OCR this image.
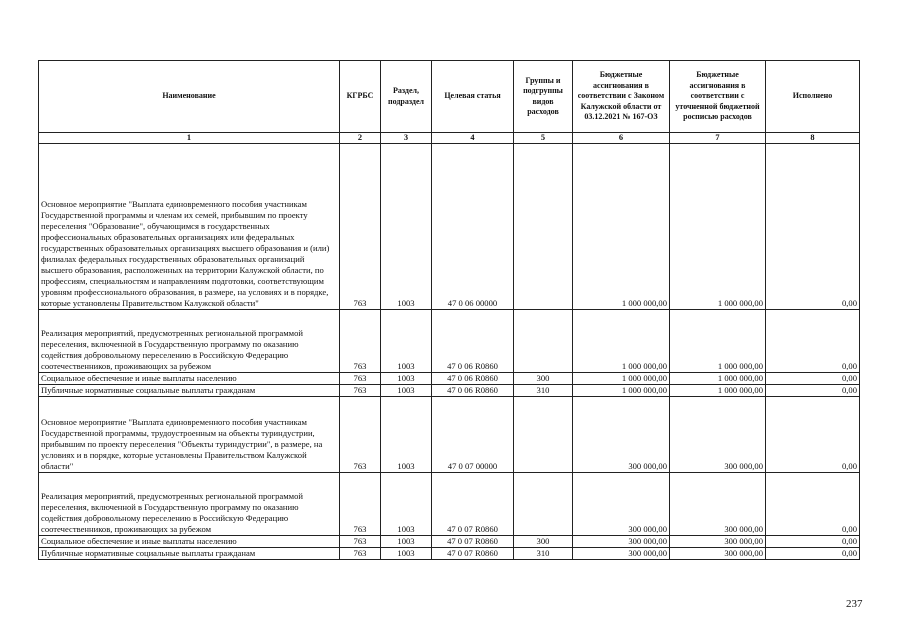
Наименование	КГРБС	Раздел, подраздел	Целевая статья	Группы и подгруппы видов расходов	Бюджетные ассигнования в соответствии с Законом Калужской области от 03.12.2021 № 167-ОЗ	Бюджетные ассигнования в соответствии с уточненной бюджетной росписью расходов	Исполнено
1	2	3	4	5	6	7	8
Основное мероприятие "Выплата единовременного пособия участникам Государственной программы и членам их семей, прибывшим по проекту переселения "Образование", обучающимся в государственных профессиональных образовательных организациях или федеральных государственных образовательных организациях высшего образования и (или) филиалах федеральных государственных образовательных организаций высшего образования, расположенных на территории Калужской области, по профессиям, специальностям и направлениям подготовки, соответствующим уровням профессионального образования, в размере, на условиях и в порядке, которые установлены Правительством Калужской области"	763	1003	47 0 06 00000		1 000 000,00	1 000 000,00	0,00
Реализация мероприятий, предусмотренных региональной программой переселения, включенной в Государственную программу по оказанию содействия добровольному переселению в Российскую Федерацию соотечественников, проживающих за рубежом	763	1003	47 0 06 R0860		1 000 000,00	1 000 000,00	0,00
Социальное обеспечение и иные выплаты населению	763	1003	47 0 06 R0860	300	1 000 000,00	1 000 000,00	0,00
Публичные нормативные социальные выплаты гражданам	763	1003	47 0 06 R0860	310	1 000 000,00	1 000 000,00	0,00
Основное мероприятие "Выплата единовременного пособия участникам Государственной программы, трудоустроенным на объекты туриндустрии, прибывшим по проекту переселения "Объекты туриндустрии", в размере, на условиях и в порядке, которые установлены Правительством Калужской области"	763	1003	47 0 07 00000		300 000,00	300 000,00	0,00
Реализация мероприятий, предусмотренных региональной программой переселения, включенной в Государственную программу по оказанию содействия добровольному переселению в Российскую Федерацию соотечественников, проживающих за рубежом	763	1003	47 0 07 R0860		300 000,00	300 000,00	0,00
Социальное обеспечение и иные выплаты населению	763	1003	47 0 07 R0860	300	300 000,00	300 000,00	0,00
Публичные нормативные социальные выплаты гражданам	763	1003	47 0 07 R0860	310	300 000,00	300 000,00	0,00
237
